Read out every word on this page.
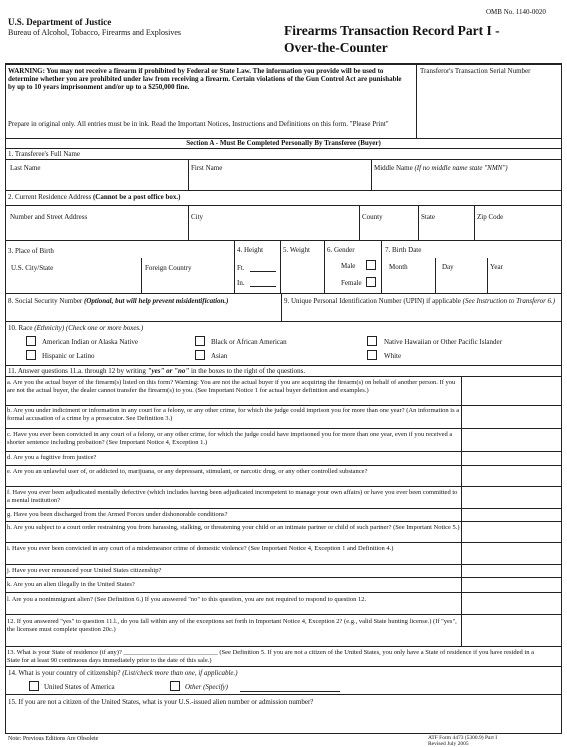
OMB No. 1140-0020
U.S. Department of Justice
Bureau of Alcohol, Tobacco, Firearms and Explosives	Firearms Transaction Record Part I -
Over-the-Counter
WARNING: You may not receive a firearm if prohibited by Federal or State Law. The information you provide will be used to determine whether you are prohibited under law from receiving a firearm. Certain violations of the Gun Control Act are punishable by up to 10 years imprisonment and/or up to a $250,000 fine.
Prepare in original only. All entries must be in ink. Read the Important Notices, Instructions and Definitions on this form. "Please Print"
Transferor's Transaction Serial Number
Section A - Must Be Completed Personally By Transferee (Buyer)
1. Transferee's Full Name
Last Name	First Name	Middle Name (If no middle name state "NMN")
2. Current Residence Address (Cannot be a post office box.)
Number and Street Address	City	County	State	Zip Code
3. Place of Birth
U.S. City/State	Foreign Country
4. Height
Ft.
In.
5. Weight 6. Gender
Male
Female
7. Birth Date
Month	Day	Year
8. Social Security Number (Optional, but will help prevent misidentification.)	9. Unique Personal Identification Number (UPIN) if applicable (See Instruction to Transferor 6.)
10. Race (Ethnicity) (Check one or more boxes.)
American Indian or Alaska Native	Black or African American	Native Hawaiian or Other Pacific Islander
Hispanic or Latino	Asian	White
11. Answer questions 11.a. through 12 by writing "yes" or "no" in the boxes to the right of the questions.
a. Are you the actual buyer of the firearm(s) listed on this form? Warning: You are not the actual buyer if you are acquiring the firearm(s) on behalf of another person. If you are not the actual buyer, the dealer cannot transfer the firearm(s) to you. (See Important Notice 1 for actual buyer definition and examples.)
b. Are you under indictment or information in any court for a felony, or any other crime, for which the judge could imprison you for more than one year? (An information is a formal accusation of a crime by a prosecutor. See Definition 3.)
c. Have you ever been convicted in any court of a felony, or any other crime, for which the judge could have imprisoned you for more than one year, even if you received a shorter sentence including probation? (See Important Notice 4, Exception 1.)
d. Are you a fugitive from justice?
e. Are you an unlawful user of, or addicted to, marijuana, or any depressant, stimulant, or narcotic drug, or any other controlled substance?
f. Have you ever been adjudicated mentally defective (which includes having been adjudicated incompetent to manage your own affairs) or have you ever been committed to a mental institution?
g. Have you been discharged from the Armed Forces under dishonorable conditions?
h. Are you subject to a court order restraining you from harassing, stalking, or threatening your child or an intimate partner or child of such partner? (See Important Notice 5.)
i. Have you ever been convicted in any court of a misdemeanor crime of domestic violence? (See Important Notice 4, Exception 1 and Definition 4.)
j. Have you ever renounced your United States citizenship?
k. Are you an alien illegally in the United States?
l. Are you a nonimmigrant alien? (See Definition 6.) If you answered "no" to this question, you are not required to respond to question 12.
12. If you answered "yes" to question 11.l., do you fall within any of the exceptions set forth in Important Notice 4, Exception 2? (e.g., valid State hunting license.) (If "yes", the licensee must complete question 20c.)
13. What is your State of residence (if any)? _____________________________ (See Definition 5. If you are not a citizen of the United States, you only have a State of residence if you have resided in a State for at least 90 continuous days immediately prior to the date of this sale.)
14. What is your country of citizenship? (List/check more than one, if applicable.)
United States of America	Other (Specify)
15. If you are not a citizen of the United States, what is your U.S.-issued alien number or admission number?
Note: Previous Editions Are Obsolete	ATF Form 4473 (5300.9) Part I
Revised July 2005
